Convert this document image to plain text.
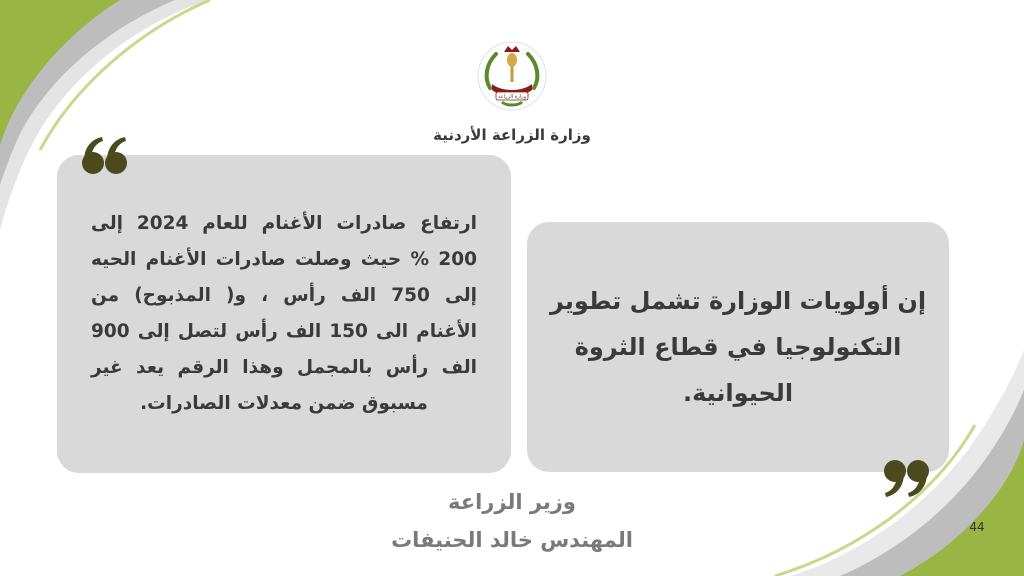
وزارة الزراعة
وزارة الزراعة الأردنية
ارتفاع صادرات الأغنام للعام 2024 إلى 200 % حيث وصلت صادرات الأغنام الحيه إلى 750 الف رأس ، و( المذبوح) من الأغنام الى 150 الف رأس لتصل إلى 900 الف رأس بالمجمل وهذا الرقم يعد غير مسبوق ضمن معدلات الصادرات.
إن أولويات الوزارة تشمل تطوير التكنولوجيا في قطاع الثروة الحيوانية.
وزير الزراعة
المهندس خالد الحنيفات
44
